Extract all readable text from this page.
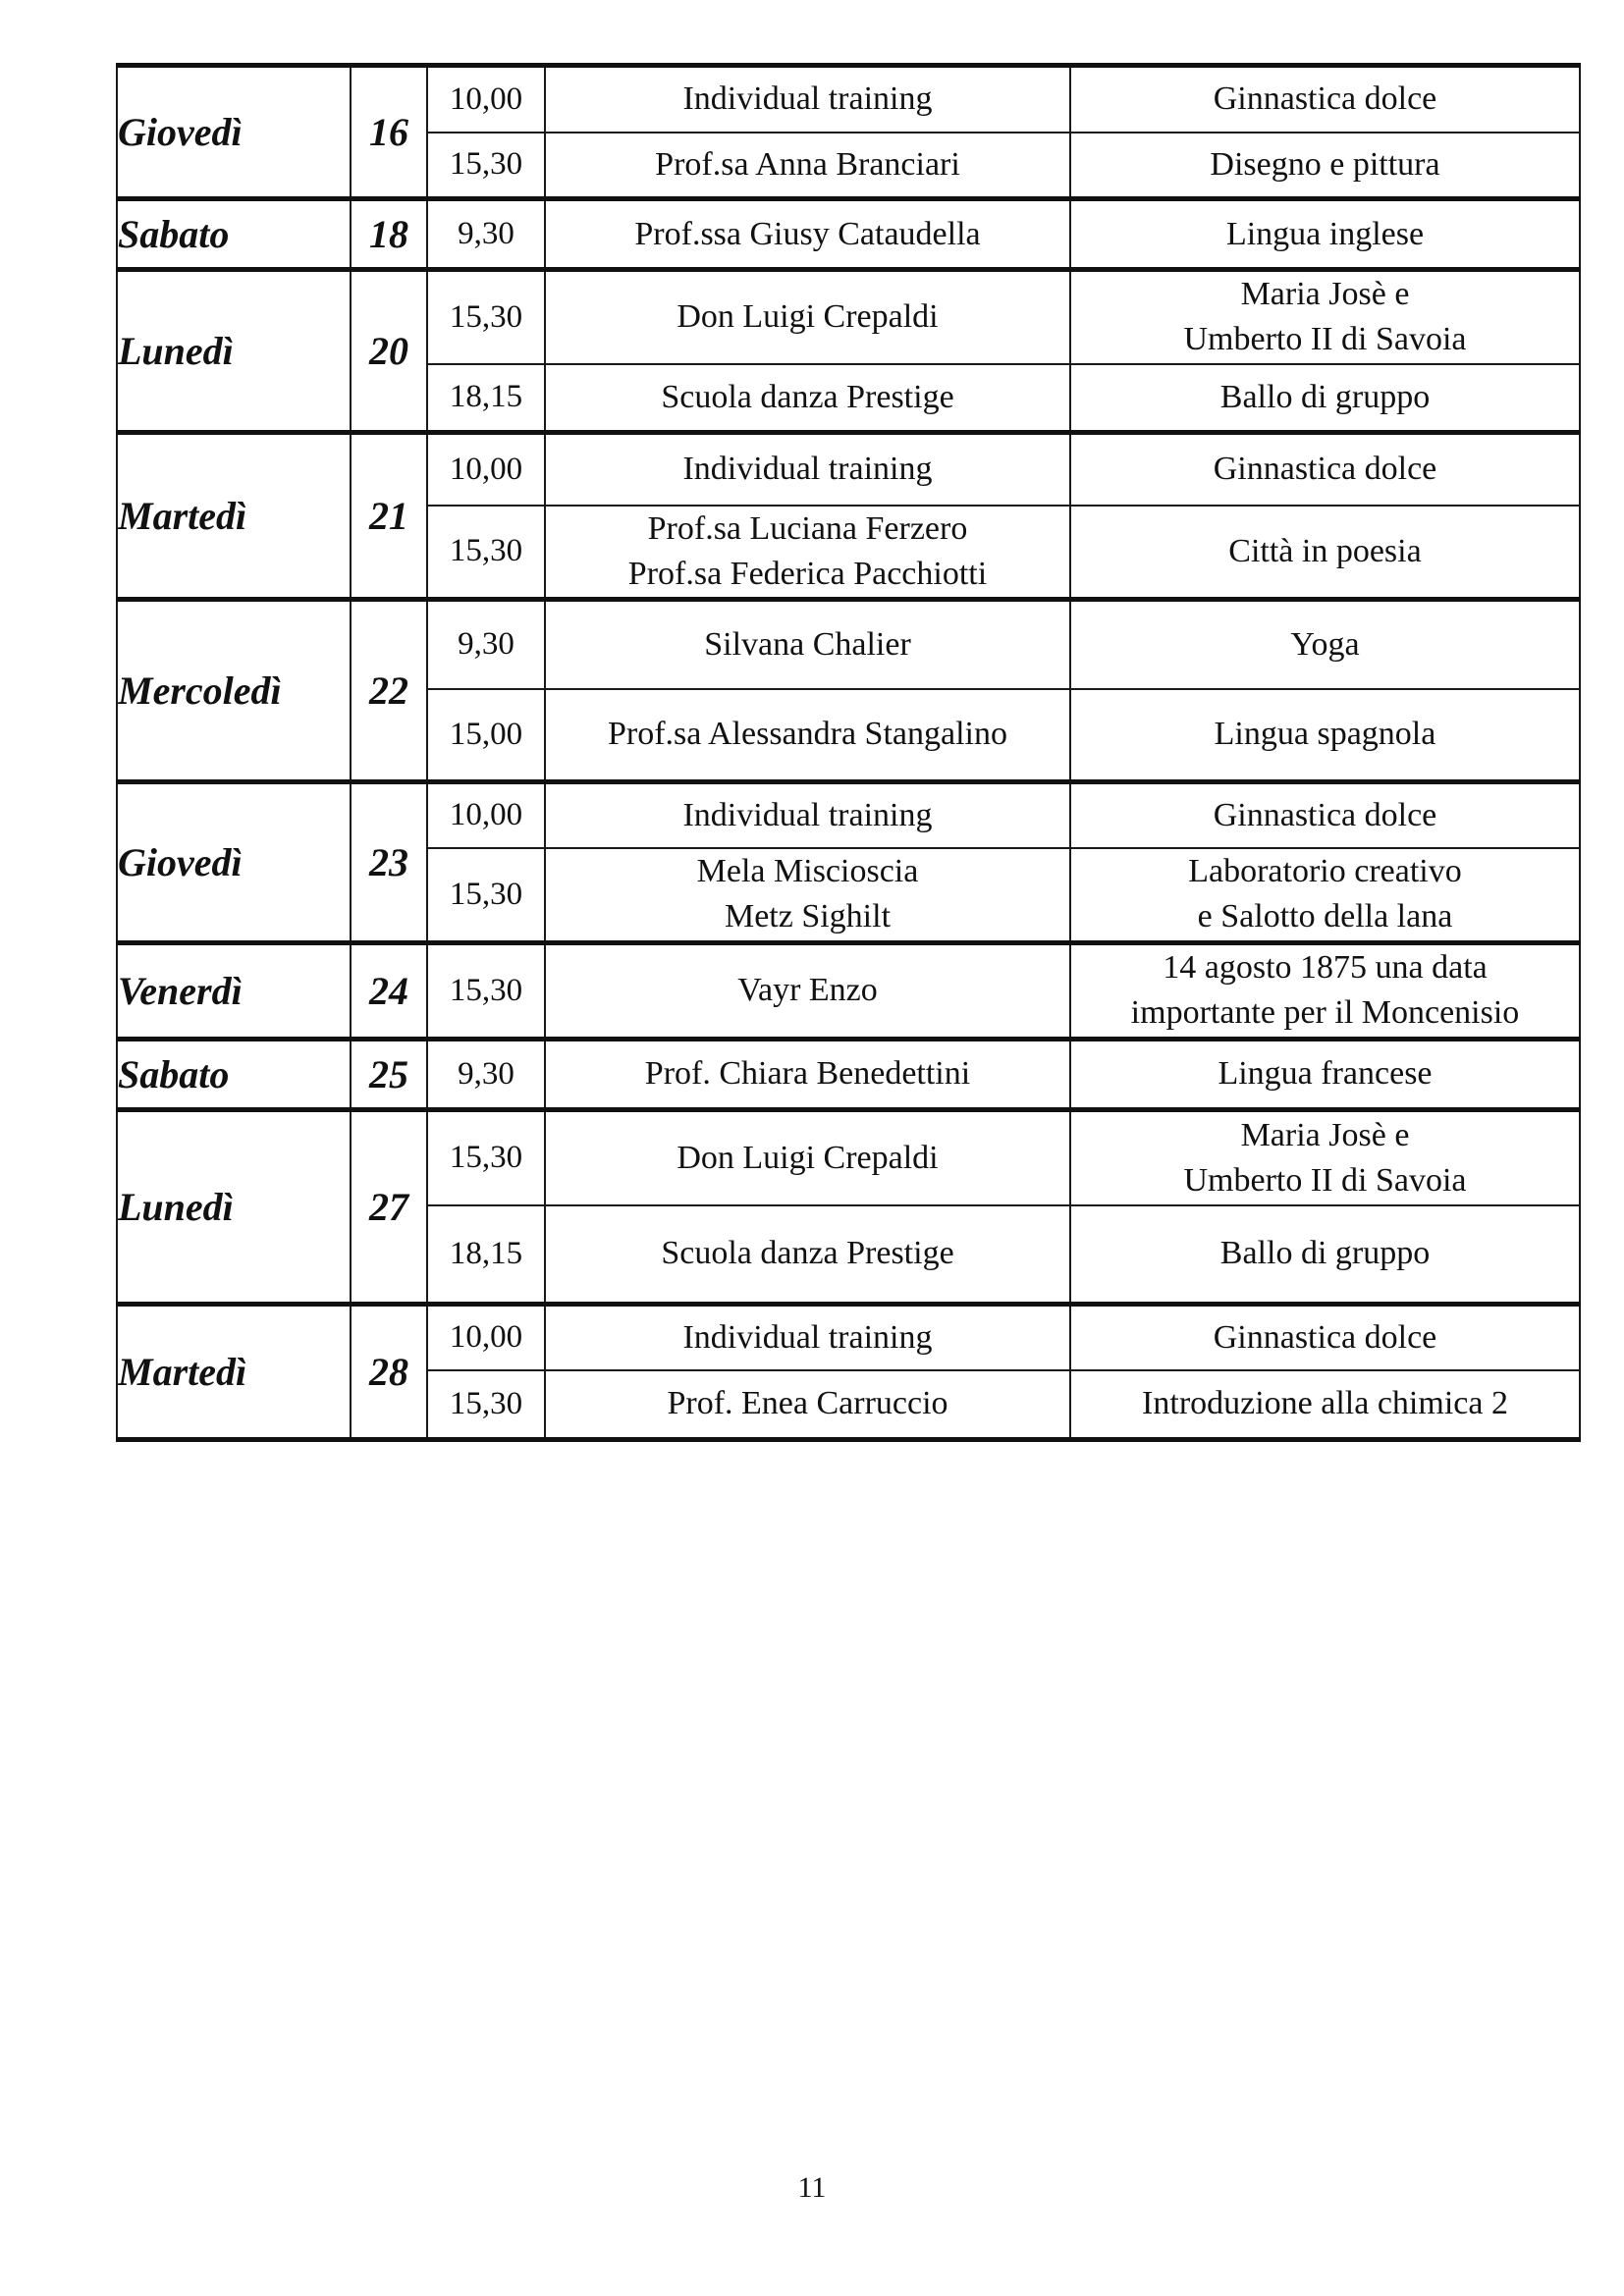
Giovedì	16	10,00	Individual training	Ginnastica dolce

		15,30	Prof.sa Anna Branciari	Disegno e pittura

Sabato	18	9,30	Prof.ssa Giusy Cataudella	Lingua inglese

Lunedì	20	15,30	Don Luigi Crepaldi	Maria Josè e
Umberto II di Savoia

		18,15	Scuola danza Prestige	Ballo di gruppo

Martedì	21	10,00	Individual training	Ginnastica dolce

		15,30	Prof.sa Luciana Ferzero
Prof.sa Federica Pacchiotti	Città in poesia

Mercoledì	22	9,30	Silvana Chalier	Yoga

		15,00	Prof.sa Alessandra Stangalino	Lingua spagnola

Giovedì	23	10,00	Individual training	Ginnastica dolce

		15,30	Mela Miscioscia
Metz Sighilt	Laboratorio creativo
e Salotto della lana

Venerdì	24	15,30	Vayr Enzo	14 agosto 1875 una data
importante per il Moncenisio

Sabato	25	9,30	Prof. Chiara Benedettini	Lingua francese

Lunedì	27	15,30	Don Luigi Crepaldi	Maria Josè e
Umberto II di Savoia

		18,15	Scuola danza Prestige	Ballo di gruppo

Martedì	28	10,00	Individual training	Ginnastica dolce

		15,30	Prof. Enea Carruccio	Introduzione alla chimica 2
11
